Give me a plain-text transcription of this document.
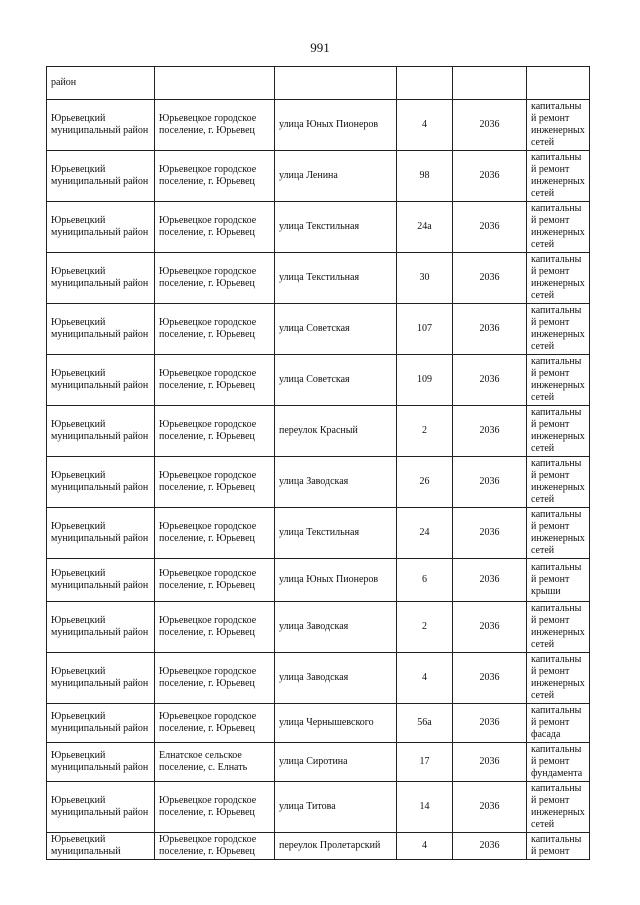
991
район					
Юрьевецкий муниципальный район	Юрьевецкое городское поселение, г. Юрьевец	улица Юных Пионеров	4	2036	капитальный ремонт инженерных сетей
Юрьевецкий муниципальный район	Юрьевецкое городское поселение, г. Юрьевец	улица Ленина	98	2036	капитальный ремонт инженерных сетей
Юрьевецкий муниципальный район	Юрьевецкое городское поселение, г. Юрьевец	улица Текстильная	24а	2036	капитальный ремонт инженерных сетей
Юрьевецкий муниципальный район	Юрьевецкое городское поселение, г. Юрьевец	улица Текстильная	30	2036	капитальный ремонт инженерных сетей
Юрьевецкий муниципальный район	Юрьевецкое городское поселение, г. Юрьевец	улица Советская	107	2036	капитальный ремонт инженерных сетей
Юрьевецкий муниципальный район	Юрьевецкое городское поселение, г. Юрьевец	улица Советская	109	2036	капитальный ремонт инженерных сетей
Юрьевецкий муниципальный район	Юрьевецкое городское поселение, г. Юрьевец	переулок Красный	2	2036	капитальный ремонт инженерных сетей
Юрьевецкий муниципальный район	Юрьевецкое городское поселение, г. Юрьевец	улица Заводская	26	2036	капитальный ремонт инженерных сетей
Юрьевецкий муниципальный район	Юрьевецкое городское поселение, г. Юрьевец	улица Текстильная	24	2036	капитальный ремонт инженерных сетей
Юрьевецкий муниципальный район	Юрьевецкое городское поселение, г. Юрьевец	улица Юных Пионеров	6	2036	капитальный ремонт крыши
Юрьевецкий муниципальный район	Юрьевецкое городское поселение, г. Юрьевец	улица Заводская	2	2036	капитальный ремонт инженерных сетей
Юрьевецкий муниципальный район	Юрьевецкое городское поселение, г. Юрьевец	улица Заводская	4	2036	капитальный ремонт инженерных сетей
Юрьевецкий муниципальный район	Юрьевецкое городское поселение, г. Юрьевец	улица Чернышевского	56а	2036	капитальный ремонт фасада
Юрьевецкий муниципальный район	Елнатское сельское поселение, с. Елнать	улица Сиротина	17	2036	капитальный ремонт фундамента
Юрьевецкий муниципальный район	Юрьевецкое городское поселение, г. Юрьевец	улица Титова	14	2036	капитальный ремонт инженерных сетей
Юрьевецкий муниципальный	Юрьевецкое городское поселение, г. Юрьевец	переулок Пролетарский	4	2036	капитальный ремонт
